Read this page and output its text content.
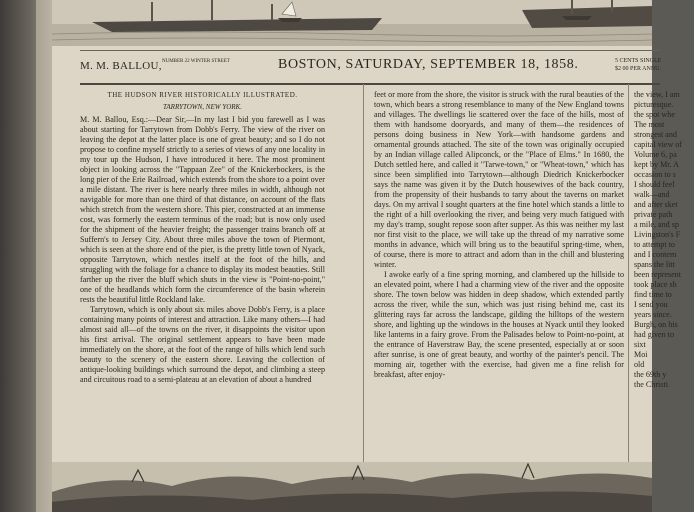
M. M. BALLOU, NUMBER 22 WINTER STREET	BOSTON, SATURDAY, SEPTEMBER 18, 1858.	5 CENTS SINGLE
$2 00 PER ANNU.
THE HUDSON RIVER HISTORICALLY ILLUSTRATED.
TARRYTOWN, NEW YORK.

M. M. Ballou, Esq.:—Dear Sir,—In my last I bid you farewell as I was about starting for Tarrytown from Dobb's Ferry. The view of the river on leaving the depot at the latter place is one of great beauty; and so I do not propose to confine myself strictly to a series of views of any one locality in my tour up the Hudson, I have introduced it here. The most prominent object in looking across the "Tappaan Zee" of the Knickerbockers, is the long pier of the Erie Railroad, which extends from the shore to a point over a mile distant. The river is here nearly three miles in width, although not navigable for more than one third of that distance, on account of the flats which stretch from the western shore. This pier, constructed at an immense cost, was formerly the eastern terminus of the road; but is now only used for the shipment of the heavier freight; the passenger trains branch off at Suffern's to Jersey City. About three miles above the town of Piermont, which is seen at the shore end of the pier, is the pretty little town of Nyack, opposite Tarrytown, which nestles itself at the foot of the hills, and struggling with the foliage for a chance to display its modest beauties. Still farther up the river the bluff which shuts in the view is "Point-no-point," one of the headlands which form the circumference of the basin wherein rests the beautiful little Rockland lake.

Tarrytown, which is only about six miles above Dobb's Ferry, is a place containing many points of interest and attraction. Like many others—I had almost said all—of the towns on the river, it disappoints the visitor upon his first arrival. The original settlement appears to have been made immediately on the shore, at the foot of the range of hills which lend such beauty to the scenery of the eastern shore. Leaving the collection of antique-looking buildings which surround the depot, and climbing a steep and circuitous road to a semi-plateau at an elevation of about a hundred

feet or more from the shore, the visitor is struck with the rural beauties of the town, which bears a strong resemblance to many of the New England towns and villages. The dwellings lie scattered over the face of the hills, most of them with handsome dooryards, and many of them—the residences of persons doing business in New York—with handsome gardens and ornamental grounds attached. The site of the town was originally occupied by an Indian village called Alipconck, or the "Place of Elms." In 1680, the Dutch settled here, and called it "Tarwe-town," or "Wheat-town," which has since been simplified into Tarrytown—although Diedrich Knickerbocker says the name was given it by the Dutch housewives of the back country, from the propensity of their husbands to tarry about the taverns on market days. On my arrival I sought quarters at the fine hotel which stands a little to the right of a hill overlooking the river, and being very much fatigued with my day's tramp, sought repose soon after supper. As this was neither my last nor first visit to the place, we will take up the thread of my narrative some months in advance, which will bring us to the beautiful spring-time, when, of course, there is more to attract and adorn than in the chill and blustering winter.

I awoke early of a fine spring morning, and clambered up the hillside to an elevated point, where I had a charming view of the river and the opposite shore. The town below was hidden in deep shadow, which extended partly across the river, while the sun, which was just rising behind me, cast its glittering rays far across the landscape, gilding the hilltops of the western shore, and lighting up the windows in the houses at Nyack until they looked like lanterns in a fairy grove. From the Palisades below to Point-no-point, at the entrance of Haverstraw Bay, the scene presented, especially at or soon after sunrise, is one of great beauty, and worthy of the painter's pencil. The morning air, together with the exercise, had given me a fine relish for breakfast, after enjoy-

the view, I am
picturesque.
the spot whe
The most
strongest and
capital view of
Volume 6, pa
kept by Mr. A
occasion to s
I should feel
walk—and
and after sket
private path
a mile, and sp
Livingston's F
to attempt to
and I contem
spans the litt
been represent
took place sh
find time to
I send you
years since.
Burgh, on his
had given to
sixt
Moi
old
the 69th y
the Christi
